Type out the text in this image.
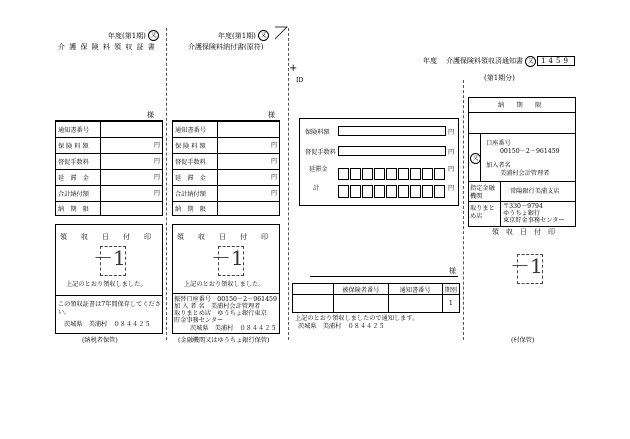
年度(第1期) 又
介 護 保 険 料 領 収 証 書
年度(第1期) 又
介護保険料納付書(原符)
+
ID
年度 介護保険料領収済通知書 又	1459
(第1期分)
様
通知書番号	
保 険 料 額	円

督促手数料	円

延　滞　金	円

合計納付額	円

納　期　限	
領　　収　　日　　付　　印
－1
上記のとおり領収しました。
この領収証書は7年間保存してください。
茨城県　美浦村　０８４４２５
(納税者保管)
様
通知書番号	
保 険 料 額	円

督促手数料	円

延　滞　金	円

合計納付額	円

納　期　限	
領　　収　　日　　付　　印
－1
上記のとおり領収しました。
振替口座番号　00150－2－961459
加 入 者 名　美浦村会計管理者
取りまとめ店　ゆうちょ銀行東京
貯金事務センター
茨城県　美浦村　０８４４２５
(金融機関又はゆうちょ銀行保管)
保険料額	円
督促手数料	円
延滞金	円
計	円
様
	被保険者番号	通知書番号	期別
			1
上記のとおり領収しましたので通知します。
茨城県　美浦村　０８４４２５
納　　期　　限
又
口座番号
00150－2－961459
加入者名
美浦村会計管理者
指定金融機関
常陽銀行美浦支店
取りまとめ店
〒330－9794
ゆうちょ銀行
東京貯金事務センター
領　収　日　付　印
－1
(村保管)
